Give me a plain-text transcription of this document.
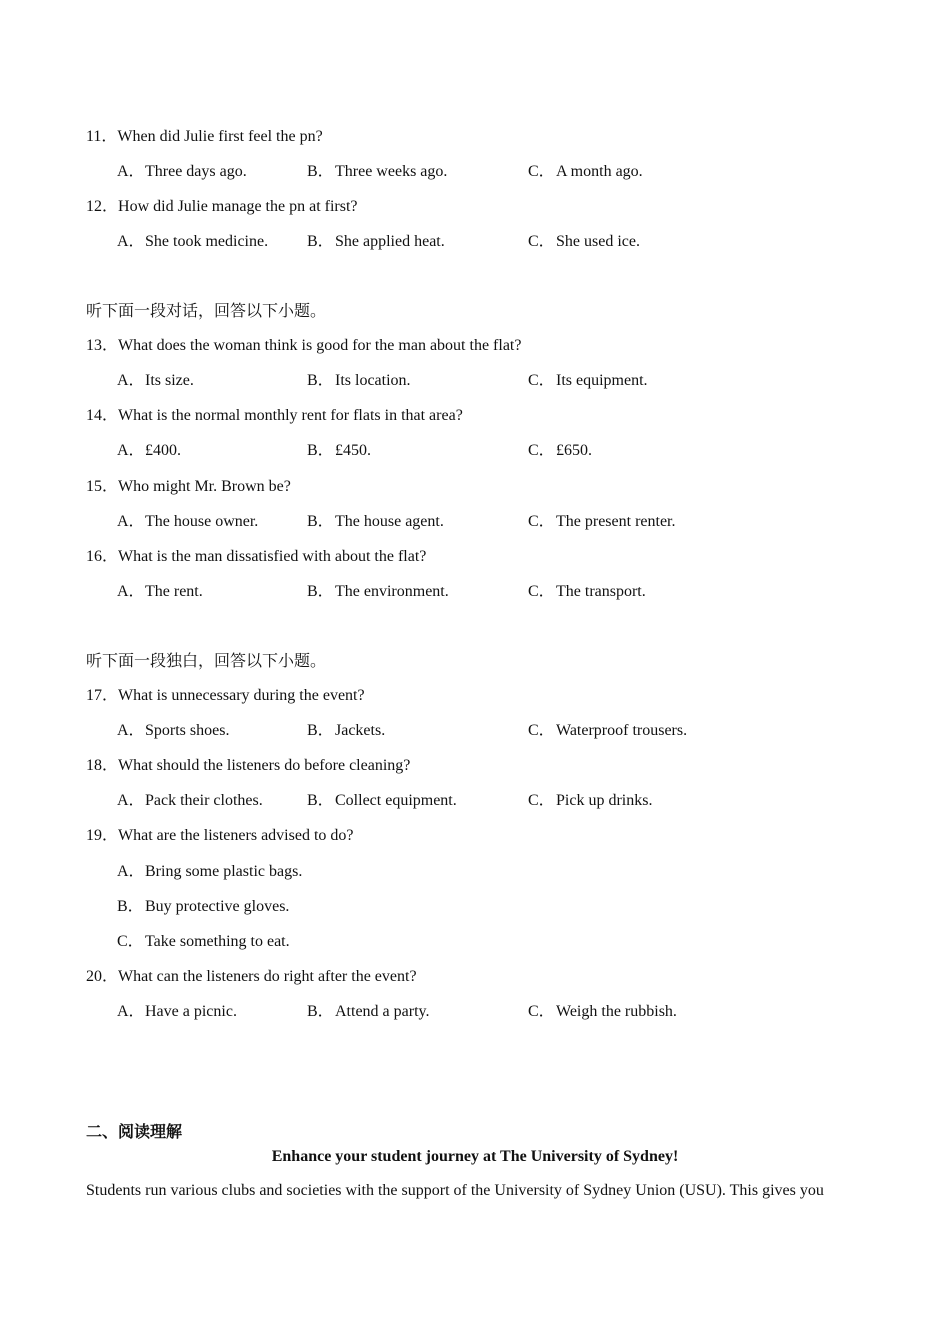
11．When did Julie first feel the pn?
A．Three days ago.	B．Three weeks ago.	C．A month ago.
12．How did Julie manage the pn at first?
A．She took medicine. B．She applied heat.	C．She used ice.
听下面一段对话，回答以下小题。
13．What does the woman think is good for the man about the flat?
A．Its size.	B．Its location.	C．Its equipment.
14．What is the normal monthly rent for flats in that area?
A．£400.	B．£450.	C．£650.
15．Who might Mr. Brown be?
A．The house owner.	B．The house agent.	C．The present renter.
16．What is the man dissatisfied with about the flat?
A．The rent.	B．The environment.	C．The transport.
听下面一段独白，回答以下小题。
17．What is unnecessary during the event?
A．Sports shoes.	B．Jackets.	C．Waterproof trousers.
18．What should the listeners do before cleaning?
A．Pack their clothes.	B．Collect equipment.	C．Pick up drinks.
19．What are the listeners advised to do?
A．Bring some plastic bags.
B．Buy protective gloves.
C．Take something to eat.
20．What can the listeners do right after the event?
A．Have a picnic.	B．Attend a party.	C．Weigh the rubbish.
二、阅读理解
Enhance your student journey at The University of Sydney!
Students run various clubs and societies with the support of the University of Sydney Union (USU). This gives you
